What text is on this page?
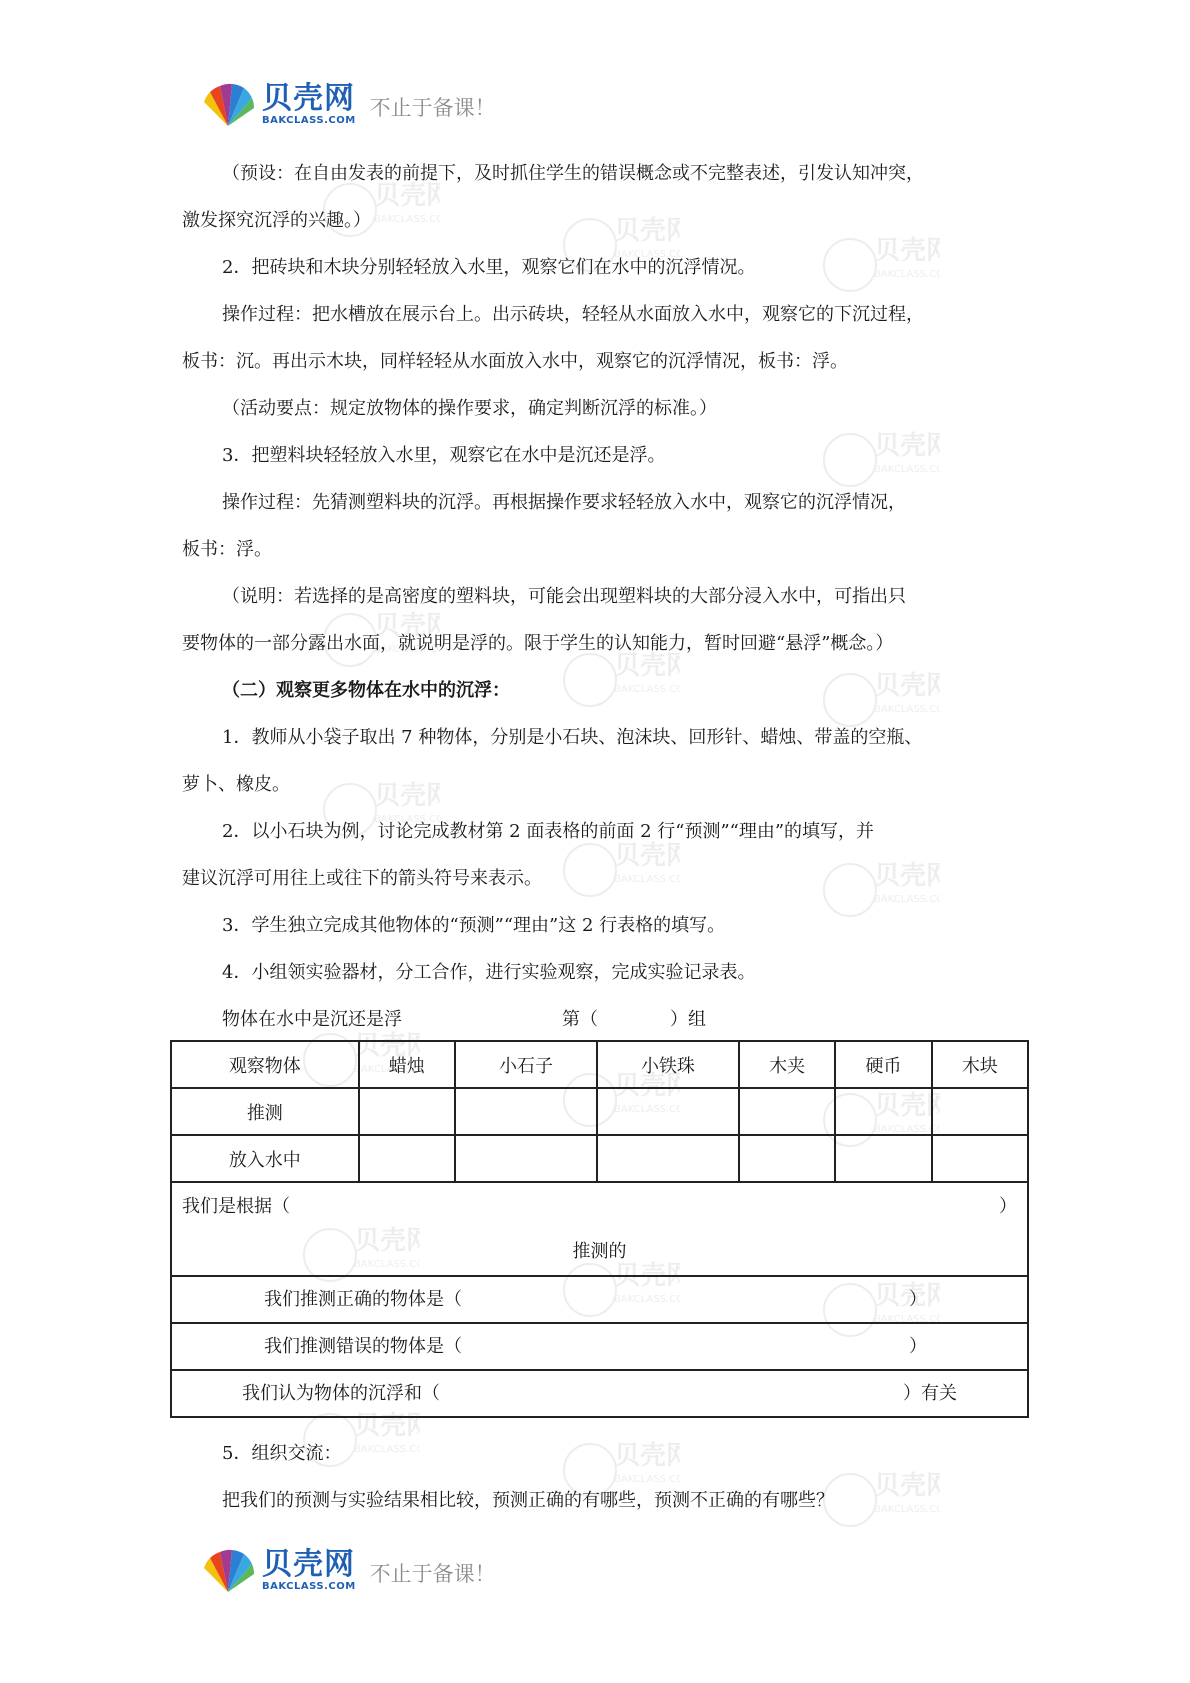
贝壳网
BAKCLASS.COM
不止于备课！
贝壳网
BAKCLASS.C	贝壳网
BAKCLASS.C	贝壳网
BAKCLASS.C
贝壳网
BAKCLASS.C
贝壳网
BAKCLASS.C
贝壳网
BAKCLASS.C	贝壳网
BAKCLASS.C
贝壳网
BAKCLASS.C
贝壳网
BAKCLASS.C	贝壳网
BAKCLASS.C
贝壳网
BAKCLASS.C
贝壳网
BAKCLASS.C	贝壳网
BAKCLASS.C
贝壳网
BAKCLASS.C	贝壳网
BAKCLASS.C	贝壳网
BAKCLASS.C
贝壳网
BAKCLASS.C	贝壳网
BAKCLASS.C	贝壳网
BAKCLASS.C

（预设：在自由发表的前提下，及时抓住学生的错误概念或不完整表述，引发认知冲突，

激发探究沉浮的兴趣。）

2．把砖块和木块分别轻轻放入水里，观察它们在水中的沉浮情况。

操作过程：把水槽放在展示台上。出示砖块，轻轻从水面放入水中，观察它的下沉过程，

板书：沉。再出示木块，同样轻轻从水面放入水中，观察它的沉浮情况，板书：浮。

（活动要点：规定放物体的操作要求，确定判断沉浮的标准。）

3．把塑料块轻轻放入水里，观察它在水中是沉还是浮。

操作过程：先猜测塑料块的沉浮。再根据操作要求轻轻放入水中，观察它的沉浮情况，

板书：浮。

（说明：若选择的是高密度的塑料块，可能会出现塑料块的大部分浸入水中，可指出只

要物体的一部分露出水面，就说明是浮的。限于学生的认知能力，暂时回避“悬浮”概念。）

（二）观察更多物体在水中的沉浮：

1．教师从小袋子取出 7 种物体，分别是小石块、泡沫块、回形针、蜡烛、带盖的空瓶、

萝卜、橡皮。

2．以小石块为例，讨论完成教材第 2 面表格的前面 2 行“预测”“理由”的填写，并

建议沉浮可用往上或往下的箭头符号来表示。

3．学生独立完成其他物体的“预测”“理由”这 2 行表格的填写。

4．小组领实验器材，分工合作，进行实验观察，完成实验记录表。

物体在水中是沉还是浮	第（　　　　）组
观察物体	蜡烛	小石子	小铁珠	木夹	硬币	木块
推测						
放入水中						

我们是根据（ ）
推测的						

我们推测正确的物体是（ ）						

我们推测错误的物体是（ ）						

我们认为物体的沉浮和（ ）有关						

5．组织交流：

把我们的预测与实验结果相比较，预测正确的有哪些，预测不正确的有哪些？

贝壳网
BAKCLASS.COM
不止于备课！
